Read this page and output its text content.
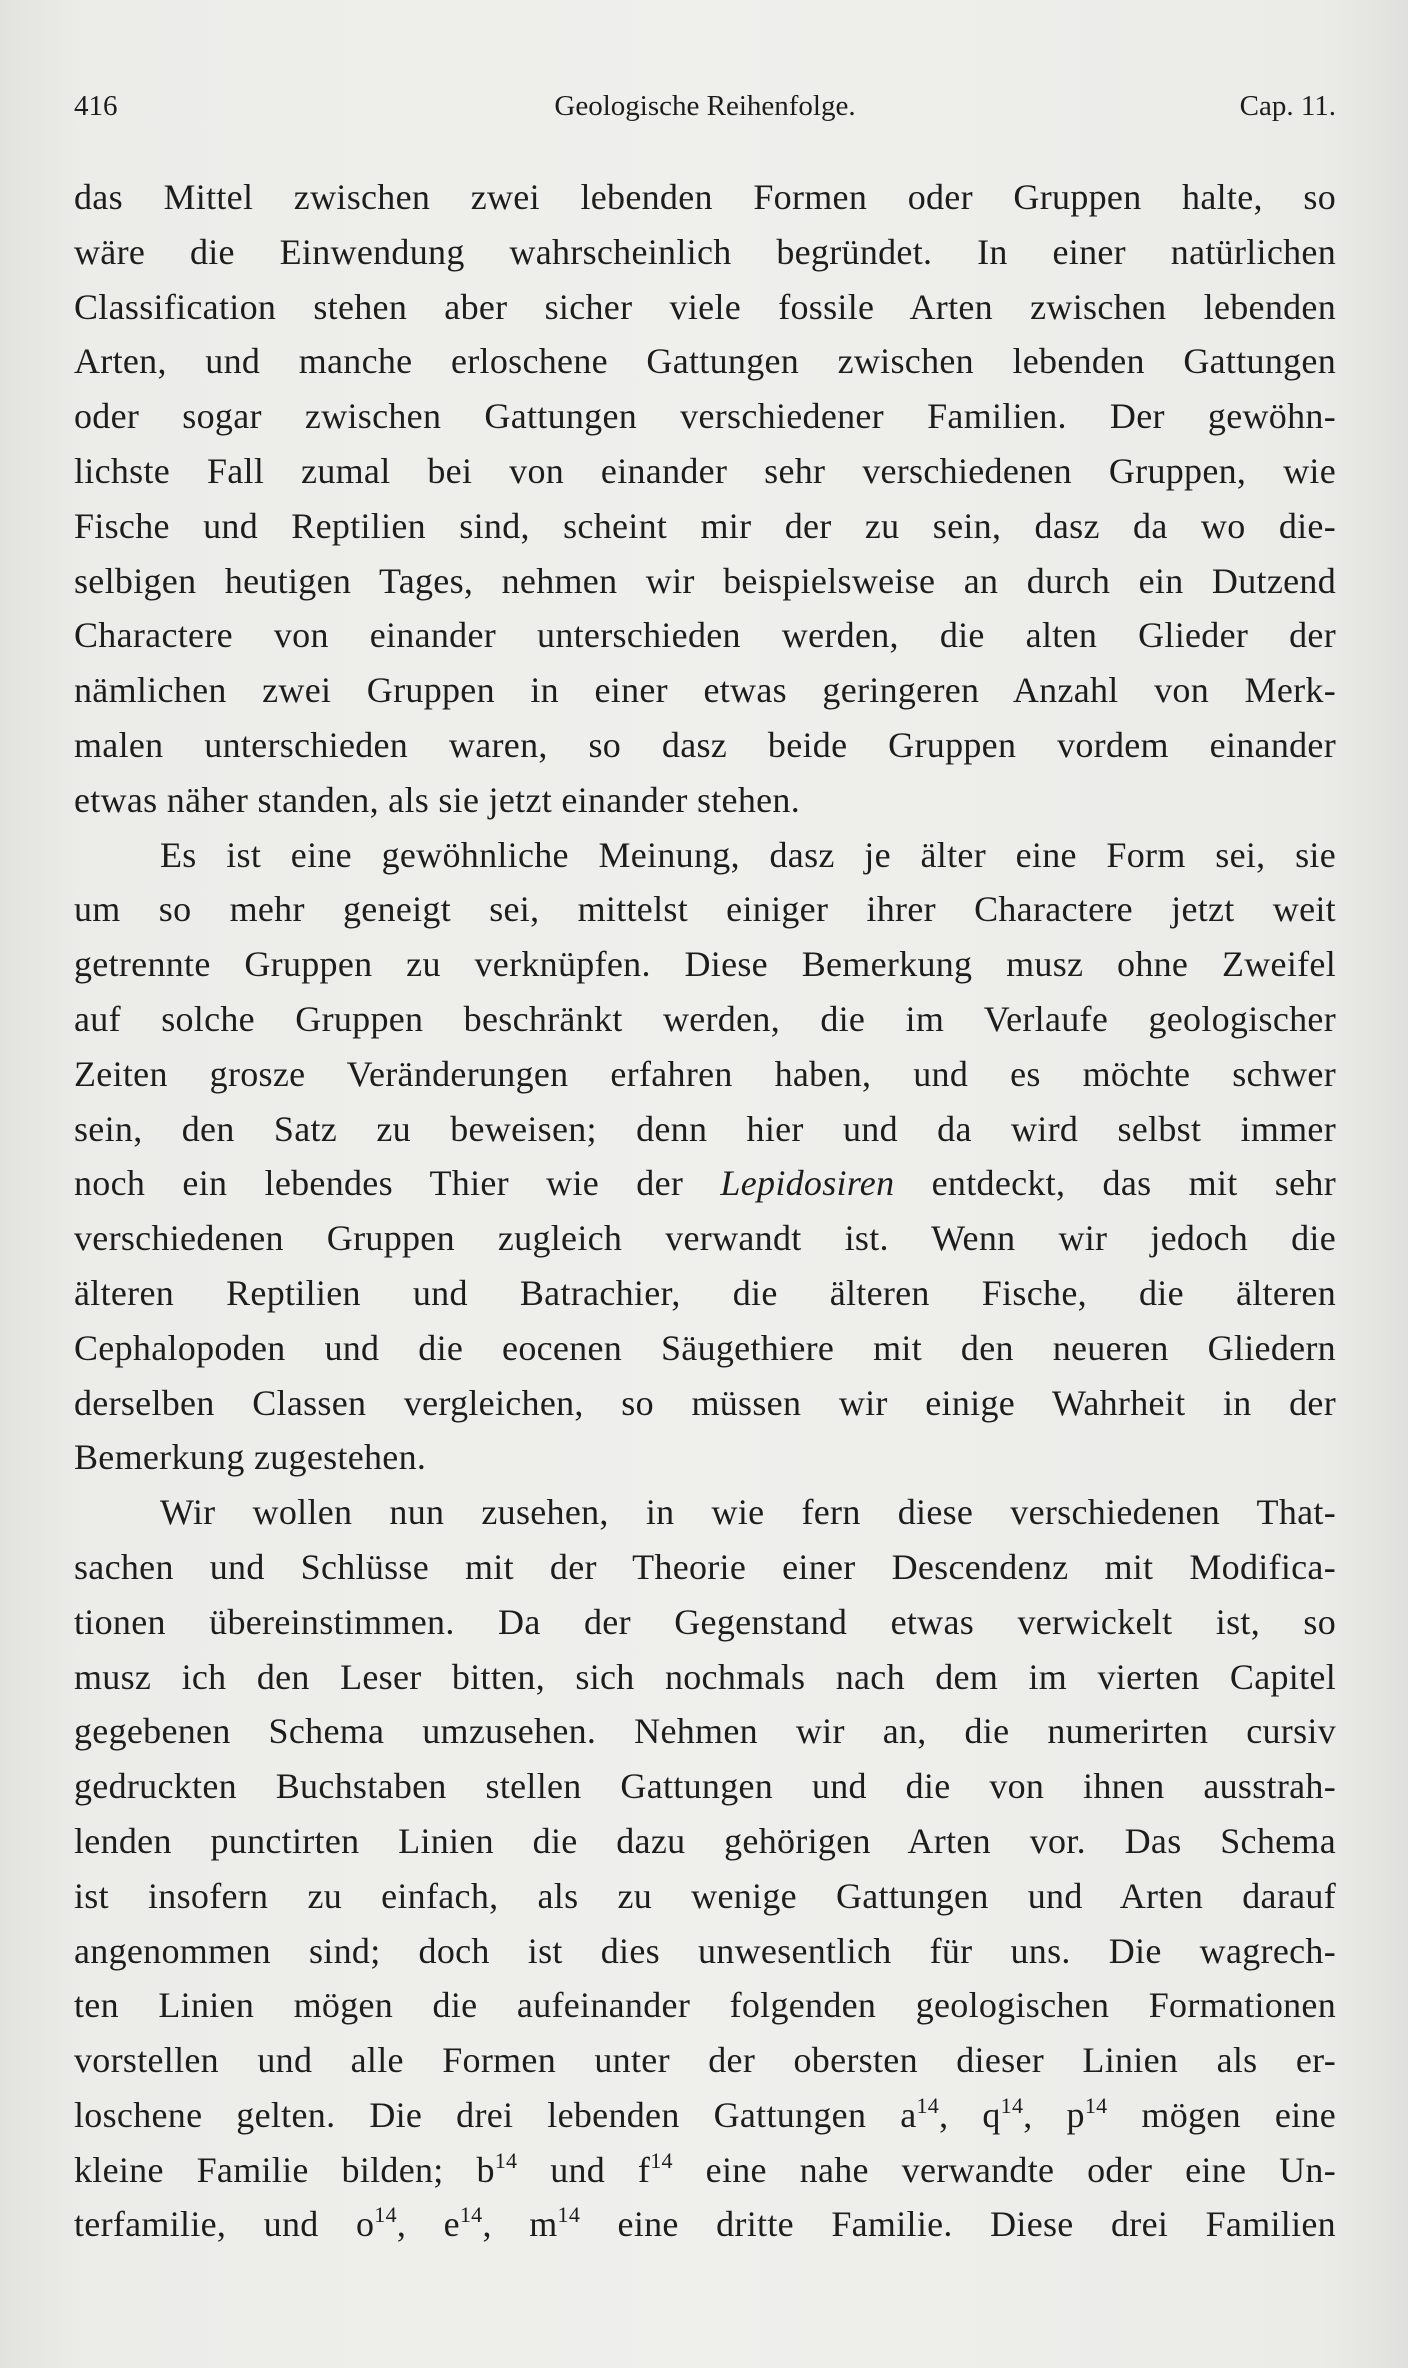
416	Geologische Reihenfolge.	Cap. 11.
das Mittel zwischen zwei lebenden Formen oder Gruppen halte, so
wäre die Einwendung wahrscheinlich begründet. In einer natürlichen
Classification stehen aber sicher viele fossile Arten zwischen lebenden
Arten, und manche erloschene Gattungen zwischen lebenden Gattungen
oder sogar zwischen Gattungen verschiedener Familien. Der gewöhn-
lichste Fall zumal bei von einander sehr verschiedenen Gruppen, wie
Fische und Reptilien sind, scheint mir der zu sein, dasz da wo die-
selbigen heutigen Tages, nehmen wir beispielsweise an durch ein Dutzend
Charactere von einander unterschieden werden, die alten Glieder der
nämlichen zwei Gruppen in einer etwas geringeren Anzahl von Merk-
malen unterschieden waren, so dasz beide Gruppen vordem einander
etwas näher standen, als sie jetzt einander stehen.
Es ist eine gewöhnliche Meinung, dasz je älter eine Form sei, sie
um so mehr geneigt sei, mittelst einiger ihrer Charactere jetzt weit
getrennte Gruppen zu verknüpfen. Diese Bemerkung musz ohne Zweifel
auf solche Gruppen beschränkt werden, die im Verlaufe geologischer
Zeiten grosze Veränderungen erfahren haben, und es möchte schwer
sein, den Satz zu beweisen; denn hier und da wird selbst immer
noch ein lebendes Thier wie der Lepidosiren entdeckt, das mit sehr
verschiedenen Gruppen zugleich verwandt ist. Wenn wir jedoch die
älteren Reptilien und Batrachier, die älteren Fische, die älteren
Cephalopoden und die eocenen Säugethiere mit den neueren Gliedern
derselben Classen vergleichen, so müssen wir einige Wahrheit in der
Bemerkung zugestehen.
Wir wollen nun zusehen, in wie fern diese verschiedenen That-
sachen und Schlüsse mit der Theorie einer Descendenz mit Modifica-
tionen übereinstimmen. Da der Gegenstand etwas verwickelt ist, so
musz ich den Leser bitten, sich nochmals nach dem im vierten Capitel
gegebenen Schema umzusehen. Nehmen wir an, die numerirten cursiv
gedruckten Buchstaben stellen Gattungen und die von ihnen ausstrah-
lenden punctirten Linien die dazu gehörigen Arten vor. Das Schema
ist insofern zu einfach, als zu wenige Gattungen und Arten darauf
angenommen sind; doch ist dies unwesentlich für uns. Die wagrech-
ten Linien mögen die aufeinander folgenden geologischen Formationen
vorstellen und alle Formen unter der obersten dieser Linien als er-
loschene gelten. Die drei lebenden Gattungen $a^{14}$, $q^{14}$, $p^{14}$ mögen eine
kleine Familie bilden; $b^{14}$ und $f^{14}$ eine nahe verwandte oder eine Un-
terfamilie, und $o^{14}$, $e^{14}$, $m^{14}$ eine dritte Familie. Diese drei Familien
